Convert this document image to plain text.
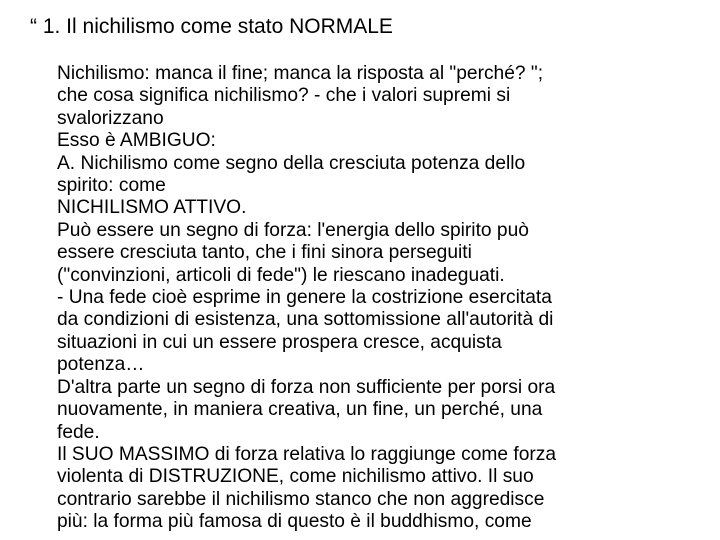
“ 1. Il nichilismo come stato NORMALE
Nichilismo: manca il fine; manca la risposta al "perché? ";
che cosa significa nichilismo? - che i valori supremi si
svalorizzano
Esso è AMBIGUO:
A. Nichilismo come segno della cresciuta potenza dello
spirito: come
NICHILISMO ATTIVO.
Può essere un segno di forza: l'energia dello spirito può
essere cresciuta tanto, che i fini sinora perseguiti
("convinzioni, articoli di fede") le riescano inadeguati.
- Una fede cioè esprime in genere la costrizione esercitata
da condizioni di esistenza, una sottomissione all'autorità di
situazioni in cui un essere prospera cresce, acquista
potenza…
D'altra parte un segno di forza non sufficiente per porsi ora
nuovamente, in maniera creativa, un fine, un perché, una
fede.
Il SUO MASSIMO di forza relativa lo raggiunge come forza
violenta di DISTRUZIONE, come nichilismo attivo. Il suo
contrario sarebbe il nichilismo stanco che non aggredisce
più: la forma più famosa di questo è il buddhismo, come
